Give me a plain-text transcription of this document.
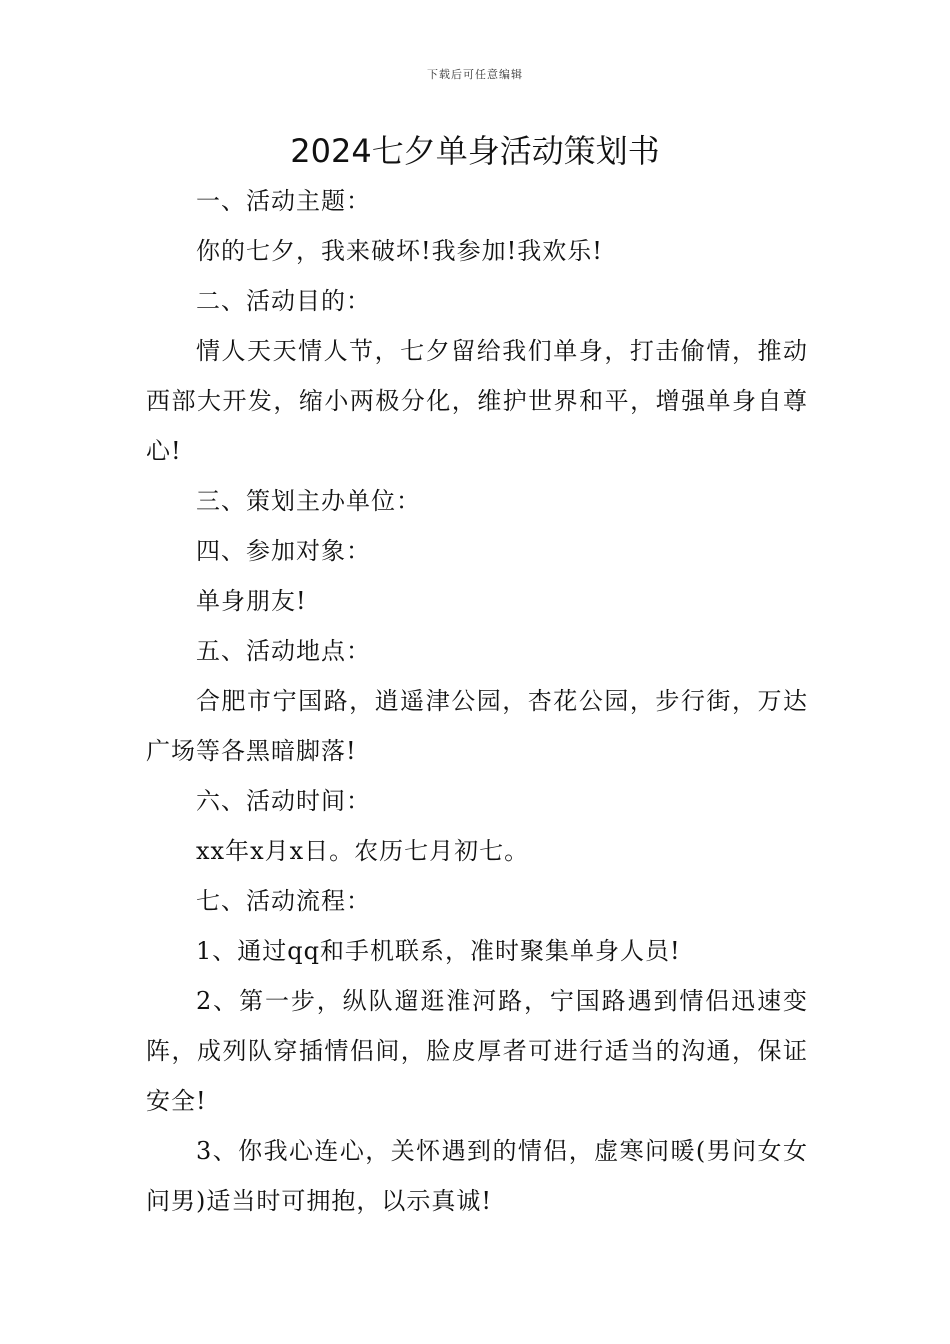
下载后可任意编辑
2024七夕单身活动策划书

一、活动主题：

你的七夕，我来破坏!我参加!我欢乐!

二、活动目的：

情人天天情人节，七夕留给我们单身，打击偷情，推动西部大开发，缩小两极分化，维护世界和平，增强单身自尊心!

三、策划主办单位：

四、参加对象：

单身朋友!

五、活动地点：

合肥市宁国路，逍遥津公园，杏花公园，步行街，万达广场等各黑暗脚落!

六、活动时间：

xx年x月x日。农历七月初七。

七、活动流程：

1、通过qq和手机联系，准时聚集单身人员!

2、第一步，纵队遛逛淮河路，宁国路遇到情侣迅速变阵，成列队穿插情侣间，脸皮厚者可进行适当的沟通，保证安全!

3、你我心连心，关怀遇到的情侣，虚寒问暖(男问女女问男)适当时可拥抱，以示真诚!
